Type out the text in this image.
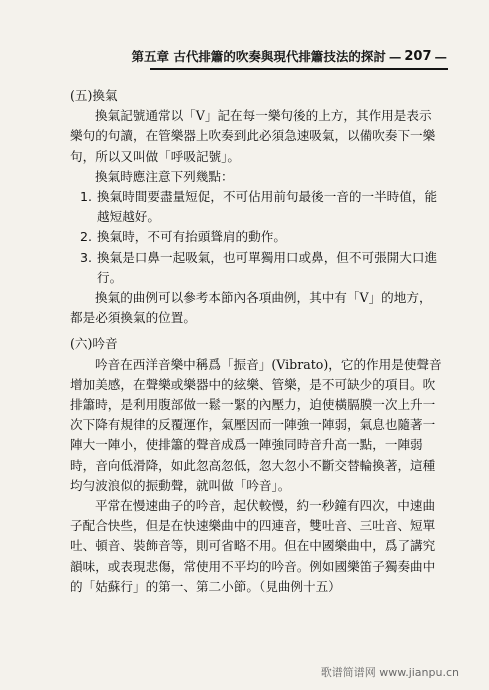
第五章 古代排簫的吹奏與現代排簫技法的探討 — 207 —

(五)換氣

換氣記號通常以「V」記在每一樂句後的上方，其作用是表示樂句的句讀，在管樂器上吹奏到此必須急速吸氣，以備吹奏下一樂句，所以又叫做「呼吸記號」。

換氣時應注意下列幾點：

1. 換氣時間要盡量短促，不可佔用前句最後一音的一半時值，能越短越好。
2. 換氣時，不可有抬頭聳肩的動作。
3. 換氣是口鼻一起吸氣，也可單獨用口或鼻，但不可張開大口進行。

換氣的曲例可以參考本節內各項曲例，其中有「V」的地方，都是必須換氣的位置。

(六)吟音

吟音在西洋音樂中稱爲「振音」(Vibrato)，它的作用是使聲音增加美感，在聲樂或樂器中的絃樂、管樂，是不可缺少的項目。吹排簫時，是利用腹部做一鬆一緊的內壓力，迫使橫膈膜一次上升一次下降有規律的反覆運作，氣壓因而一陣強一陣弱，氣息也隨著一陣大一陣小，使排簫的聲音成爲一陣強同時音升高一點，一陣弱時，音向低滑降，如此忽高忽低，忽大忽小不斷交替輪換著，這種均勻波浪似的振動聲，就叫做「吟音」。

平常在慢速曲子的吟音，起伏較慢，約一秒鐘有四次，中速曲子配合快些，但是在快速樂曲中的四連音，雙吐音、三吐音、短單吐、頓音、裝飾音等，則可省略不用。但在中國樂曲中，爲了講究韻味，或表現悲傷，常使用不平均的吟音。例如國樂笛子獨奏曲中的「姑蘇行」的第一、第二小節。（見曲例十五）

歌谱简谱网 www.jianpu.cn
